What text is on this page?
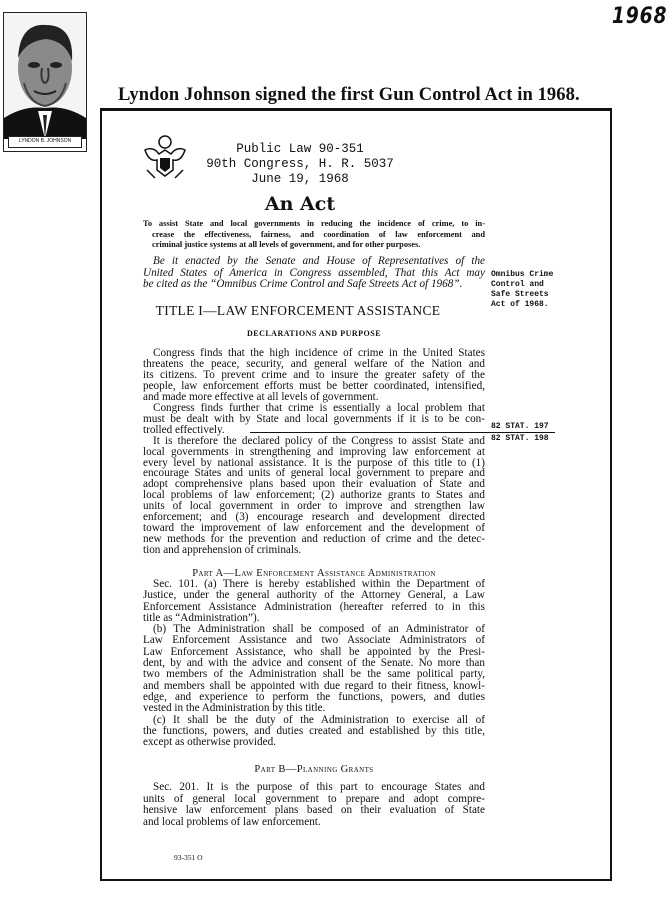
LYNDON B. JOHNSON
1968
Lyndon Johnson signed the first Gun Control Act in 1968.
Public Law 90-351
90th Congress, H. R. 5037
June 19, 1968
An Act
To assist State and local governments in reducing the incidence of crime, to in-
crease the effectiveness, fairness, and coordination of law enforcement and
criminal justice systems at all levels of government, and for other purposes.
Be it enacted by the Senate and House of Representatives of the
United States of America in Congress assembled, That this Act may
be cited as the “Omnibus Crime Control and Safe Streets Act of 1968”.
Omnibus Crime
Control and
Safe Streets
Act of 1968.
TITLE I—LAW ENFORCEMENT ASSISTANCE
DECLARATIONS AND PURPOSE
Congress finds that the high incidence of crime in the United States
threatens the peace, security, and general welfare of the Nation and
its citizens. To prevent crime and to insure the greater safety of the
people, law enforcement efforts must be better coordinated, intensified,
and made more effective at all levels of government.
Congress finds further that crime is essentially a local problem that
must be dealt with by State and local governments if it is to be con-
trolled effectively.
It is therefore the declared policy of the Congress to assist State and
local governments in strengthening and improving law enforcement at
every level by national assistance. It is the purpose of this title to (1)
encourage States and units of general local government to prepare and
adopt comprehensive plans based upon their evaluation of State and
local problems of law enforcement; (2) authorize grants to States and
units of local government in order to improve and strengthen law
enforcement; and (3) encourage research and development directed
toward the improvement of law enforcement and the development of
new methods for the prevention and reduction of crime and the detec-
tion and apprehension of criminals.
82 STAT. 197
82 STAT. 198
Part A—Law Enforcement Assistance Administration
Sec. 101. (a) There is hereby established within the Department of
Justice, under the general authority of the Attorney General, a Law
Enforcement Assistance Administration (hereafter referred to in this
title as “Administration”).
(b) The Administration shall be composed of an Administrator of
Law Enforcement Assistance and two Associate Administrators of
Law Enforcement Assistance, who shall be appointed by the Presi-
dent, by and with the advice and consent of the Senate. No more than
two members of the Administration shall be the same political party,
and members shall be appointed with due regard to their fitness, knowl-
edge, and experience to perform the functions, powers, and duties
vested in the Administration by this title.
(c) It shall be the duty of the Administration to exercise all of
the functions, powers, and duties created and established by this title,
except as otherwise provided.
Part B—Planning Grants
Sec. 201. It is the purpose of this part to encourage States and
units of general local government to prepare and adopt compre-
hensive law enforcement plans based on their evaluation of State
and local problems of law enforcement.
93-351 O
